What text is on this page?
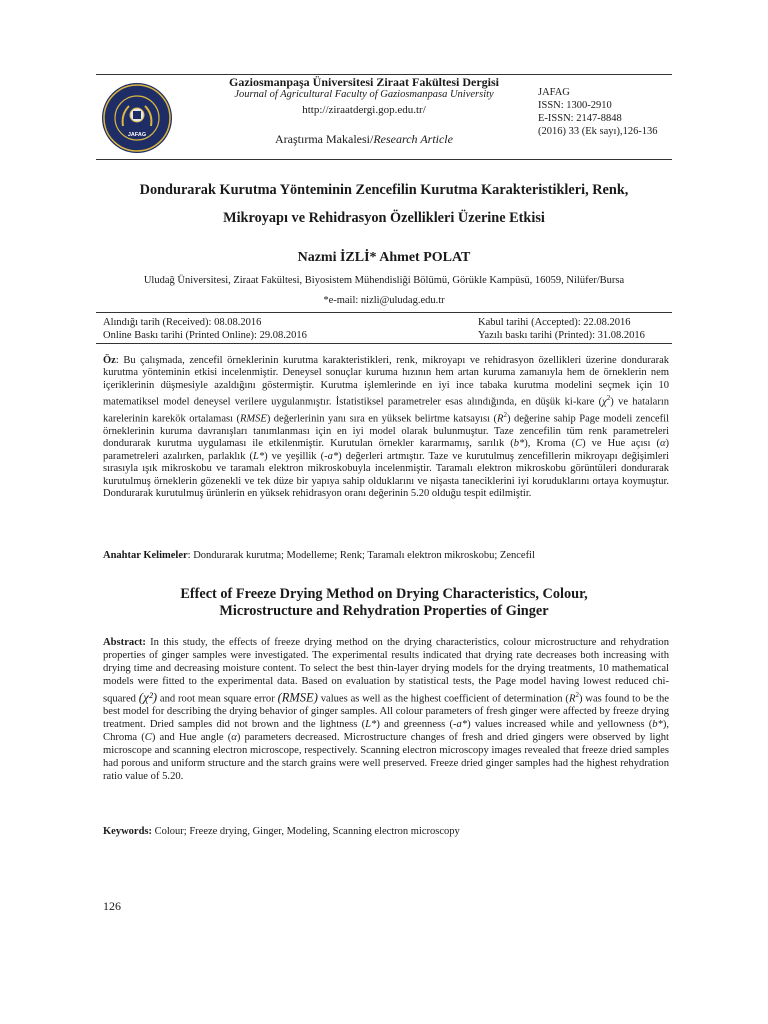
JAFAG
Gaziosmanpaşa Üniversitesi Ziraat Fakültesi Dergisi
Journal of Agricultural Faculty of Gaziosmanpasa University
http://ziraatdergi.gop.edu.tr/
Araştırma Makalesi/Research Article
JAFAG
ISSN: 1300-2910
E-ISSN: 2147-8848
(2016) 33 (Ek sayı),126-136
Dondurarak Kurutma Yönteminin Zencefilin Kurutma Karakteristikleri, Renk,
Mikroyapı ve Rehidrasyon Özellikleri Üzerine Etkisi
Nazmi İZLİ* Ahmet POLAT
Uludağ Üniversitesi, Ziraat Fakültesi, Biyosistem Mühendisliği Bölümü, Görükle Kampüsü, 16059, Nilüfer/Bursa
*e-mail: nizli@uludag.edu.tr
Alındığı tarih (Received): 08.08.2016
Online Baskı tarihi (Printed Online): 29.08.2016
Kabul tarihi (Accepted): 22.08.2016
Yazılı baskı tarihi (Printed): 31.08.2016
Öz: Bu çalışmada, zencefil örneklerinin kurutma karakteristikleri, renk, mikroyapı ve rehidrasyon özellikleri üzerine dondurarak kurutma yönteminin etkisi incelenmiştir. Deneysel sonuçlar kuruma hızının hem artan kuruma zamanıyla hem de örneklerin nem içeriklerinin düşmesiyle azaldığını göstermiştir. Kurutma işlemlerinde en iyi ince tabaka kurutma modelini seçmek için 10 matematiksel model deneysel verilere uygulanmıştır. İstatistiksel parametreler esas alındığında, en düşük ki-kare $(\chi^2)$ ve hataların karelerinin karekök ortalaması (RMSE) değerlerinin yanı sıra en yüksek belirtme katsayısı $(R^2)$ değerine sahip Page modeli zencefil örneklerinin kuruma davranışları tanımlanması için en iyi model olarak bulunmuştur. Taze zencefilin tüm renk parametreleri dondurarak kurutma uygulaması ile etkilenmiştir. Kurutulan örnekler kararmamış, sarılık (b*), Kroma (C) ve Hue açısı (α) parametreleri azalırken, parlaklık (L*) ve yeşillik (-a*) değerleri artmıştır. Taze ve kurutulmuş zencefillerin mikroyapı değişimleri sırasıyla ışık mikroskobu ve taramalı elektron mikroskobuyla incelenmiştir. Taramalı elektron mikroskobu görüntüleri dondurarak kurutulmuş örneklerin gözenekli ve tek düze bir yapıya sahip olduklarını ve nişasta taneciklerini iyi koruduklarını ortaya koymuştur. Dondurarak kurutulmuş ürünlerin en yüksek rehidrasyon oranı değerinin 5.20 olduğu tespit edilmiştir.
Anahtar Kelimeler: Dondurarak kurutma; Modelleme; Renk; Taramalı elektron mikroskobu; Zencefil
Effect of Freeze Drying Method on Drying Characteristics, Colour,
Microstructure and Rehydration Properties of Ginger
Abstract: In this study, the effects of freeze drying method on the drying characteristics, colour microstructure and rehydration properties of ginger samples were investigated. The experimental results indicated that drying rate decreases both increasing with drying time and decreasing moisture content. To select the best thin-layer drying models for the drying treatments, 10 mathematical models were fitted to the experimental data. Based on evaluation by statistical tests, the Page model having lowest reduced chi-squared (χ²) and root mean square error (RMSE) values as well as the highest coefficient of determination $(R^2)$ was found to be the best model for describing the drying behavior of ginger samples. All colour parameters of fresh ginger were affected by freeze drying treatment. Dried samples did not brown and the lightness (L*) and greenness (-a*) values increased while and yellowness (b*), Chroma (C) and Hue angle (α) parameters decreased. Microstructure changes of fresh and dried gingers were observed by light microscope and scanning electron microscope, respectively. Scanning electron microscopy images revealed that freeze dried samples had porous and uniform structure and the starch grains were well preserved. Freeze dried ginger samples had the highest rehydration ratio value of 5.20.
Keywords: Colour; Freeze drying, Ginger, Modeling, Scanning electron microscopy
126
